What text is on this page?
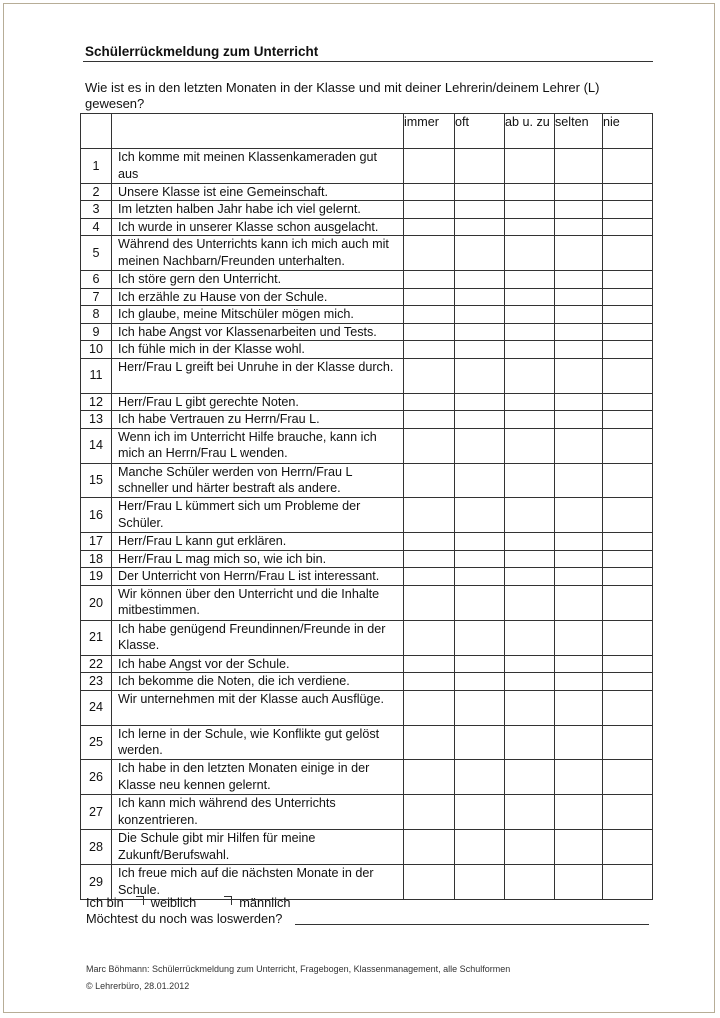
Schülerrückmeldung zum Unterricht
Wie ist es in den letzten Monaten in der Klasse und mit deiner Lehrerin/deinem Lehrer (L) gewesen?
		immer	oft	ab u. zu	selten	nie
1	Ich komme mit meinen Klassenkameraden gut aus					
2	Unsere Klasse ist eine Gemeinschaft.					
3	Im letzten halben Jahr habe ich viel gelernt.					
4	Ich wurde in unserer Klasse schon ausgelacht.					
5	Während des Unterrichts kann ich mich auch mit meinen Nachbarn/Freunden unterhalten.					
6	Ich störe gern den Unterricht.					
7	Ich erzähle zu Hause von der Schule.					
8	Ich glaube, meine Mitschüler mögen mich.					
9	Ich habe Angst vor Klassenarbeiten und Tests.					
10	Ich fühle mich in der Klasse wohl.					
11	Herr/Frau L greift bei Unruhe in der Klasse durch.					
12	Herr/Frau L gibt gerechte Noten.					
13	Ich habe Vertrauen zu Herrn/Frau L.					
14	Wenn ich im Unterricht Hilfe brauche, kann ich mich an Herrn/Frau L wenden.					
15	Manche Schüler werden von Herrn/Frau L schneller und härter bestraft als andere.					
16	Herr/Frau L kümmert sich um Probleme der Schüler.					
17	Herr/Frau L kann gut erklären.					
18	Herr/Frau L mag mich so, wie ich bin.					
19	Der Unterricht von Herrn/Frau L ist interessant.					
20	Wir können über den Unterricht und die Inhalte mitbestimmen.					
21	Ich habe genügend Freundinnen/Freunde in der Klasse.					
22	Ich habe Angst vor der Schule.					
23	Ich bekomme die Noten, die ich verdiene.					
24	Wir unternehmen mit der Klasse auch Ausflüge.					
25	Ich lerne in der Schule, wie Konflikte gut gelöst werden.					
26	Ich habe in den letzten Monaten einige in der Klasse neu kennen gelernt.					
27	Ich kann mich während des Unterrichts konzentrieren.					
28	Die Schule gibt mir Hilfen für meine Zukunft/Berufswahl.					
29	Ich freue mich auf die nächsten Monate in der Schule.					
Ich bin weiblich	männlich
Möchtest du noch was loswerden?
Marc Böhmann: Schülerrückmeldung zum Unterricht, Fragebogen, Klassenmanagement, alle Schulformen
© Lehrerbüro, 28.01.2012
